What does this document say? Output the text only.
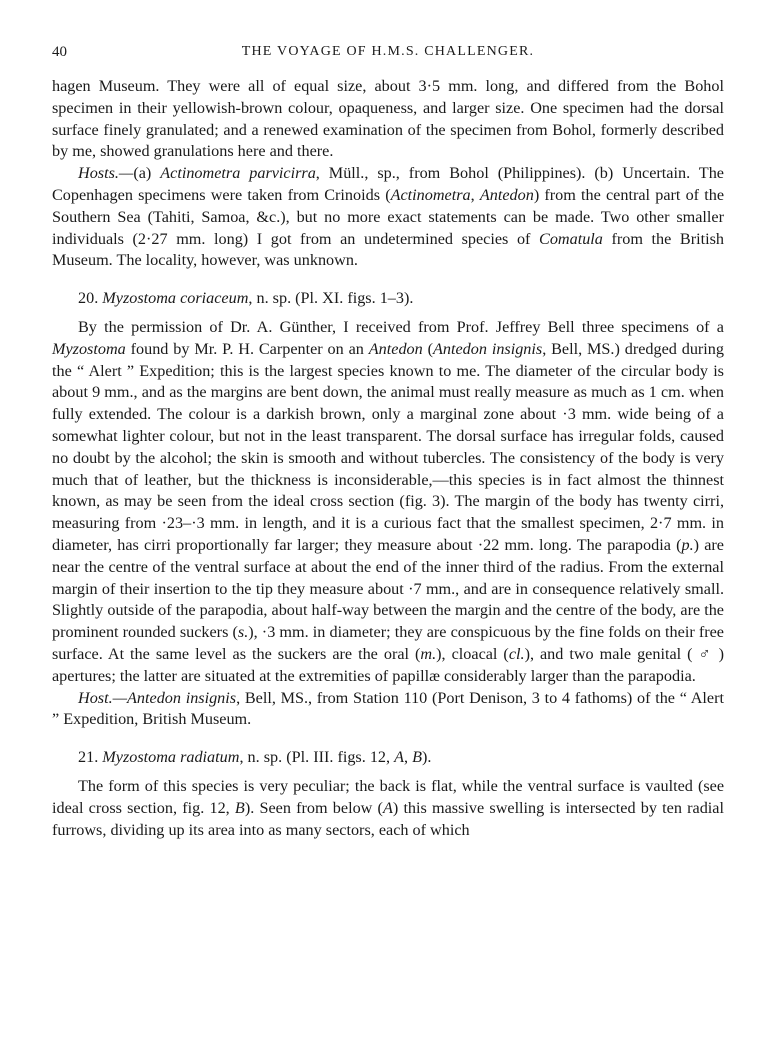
40	THE VOYAGE OF H.M.S. CHALLENGER.

hagen Museum. They were all of equal size, about 3·5 mm. long, and differed from the Bohol specimen in their yellowish-brown colour, opaqueness, and larger size. One specimen had the dorsal surface finely granulated; and a renewed examination of the specimen from Bohol, formerly described by me, showed granulations here and there.

Hosts.—(a) Actinometra parvicirra, Müll., sp., from Bohol (Philippines). (b) Uncertain. The Copenhagen specimens were taken from Crinoids (Actinometra, Antedon) from the central part of the Southern Sea (Tahiti, Samoa, &c.), but no more exact statements can be made. Two other smaller individuals (2·27 mm. long) I got from an undetermined species of Comatula from the British Museum. The locality, however, was unknown.

20. Myzostoma coriaceum, n. sp. (Pl. XI. figs. 1–3).

By the permission of Dr. A. Günther, I received from Prof. Jeffrey Bell three specimens of a Myzostoma found by Mr. P. H. Carpenter on an Antedon (Antedon insignis, Bell, MS.) dredged during the “ Alert ” Expedition; this is the largest species known to me. The diameter of the circular body is about 9 mm., and as the margins are bent down, the animal must really measure as much as 1 cm. when fully extended. The colour is a darkish brown, only a marginal zone about ·3 mm. wide being of a somewhat lighter colour, but not in the least transparent. The dorsal surface has irregular folds, caused no doubt by the alcohol; the skin is smooth and without tubercles. The consistency of the body is very much that of leather, but the thickness is inconsiderable,—this species is in fact almost the thinnest known, as may be seen from the ideal cross section (fig. 3). The margin of the body has twenty cirri, measuring from ·23–·3 mm. in length, and it is a curious fact that the smallest specimen, 2·7 mm. in diameter, has cirri proportionally far larger; they measure about ·22 mm. long. The parapodia (p.) are near the centre of the ventral surface at about the end of the inner third of the radius. From the external margin of their insertion to the tip they measure about ·7 mm., and are in consequence relatively small. Slightly outside of the parapodia, about half-way between the margin and the centre of the body, are the prominent rounded suckers (s.), ·3 mm. in diameter; they are conspicuous by the fine folds on their free surface. At the same level as the suckers are the oral (m.), cloacal (cl.), and two male genital ( ♂ ) apertures; the latter are situated at the extremities of papillæ considerably larger than the parapodia.

Host.—Antedon insignis, Bell, MS., from Station 110 (Port Denison, 3 to 4 fathoms) of the “ Alert ” Expedition, British Museum.

21. Myzostoma radiatum, n. sp. (Pl. III. figs. 12, A, B).

The form of this species is very peculiar; the back is flat, while the ventral surface is vaulted (see ideal cross section, fig. 12, B). Seen from below (A) this massive swelling is intersected by ten radial furrows, dividing up its area into as many sectors, each of which
